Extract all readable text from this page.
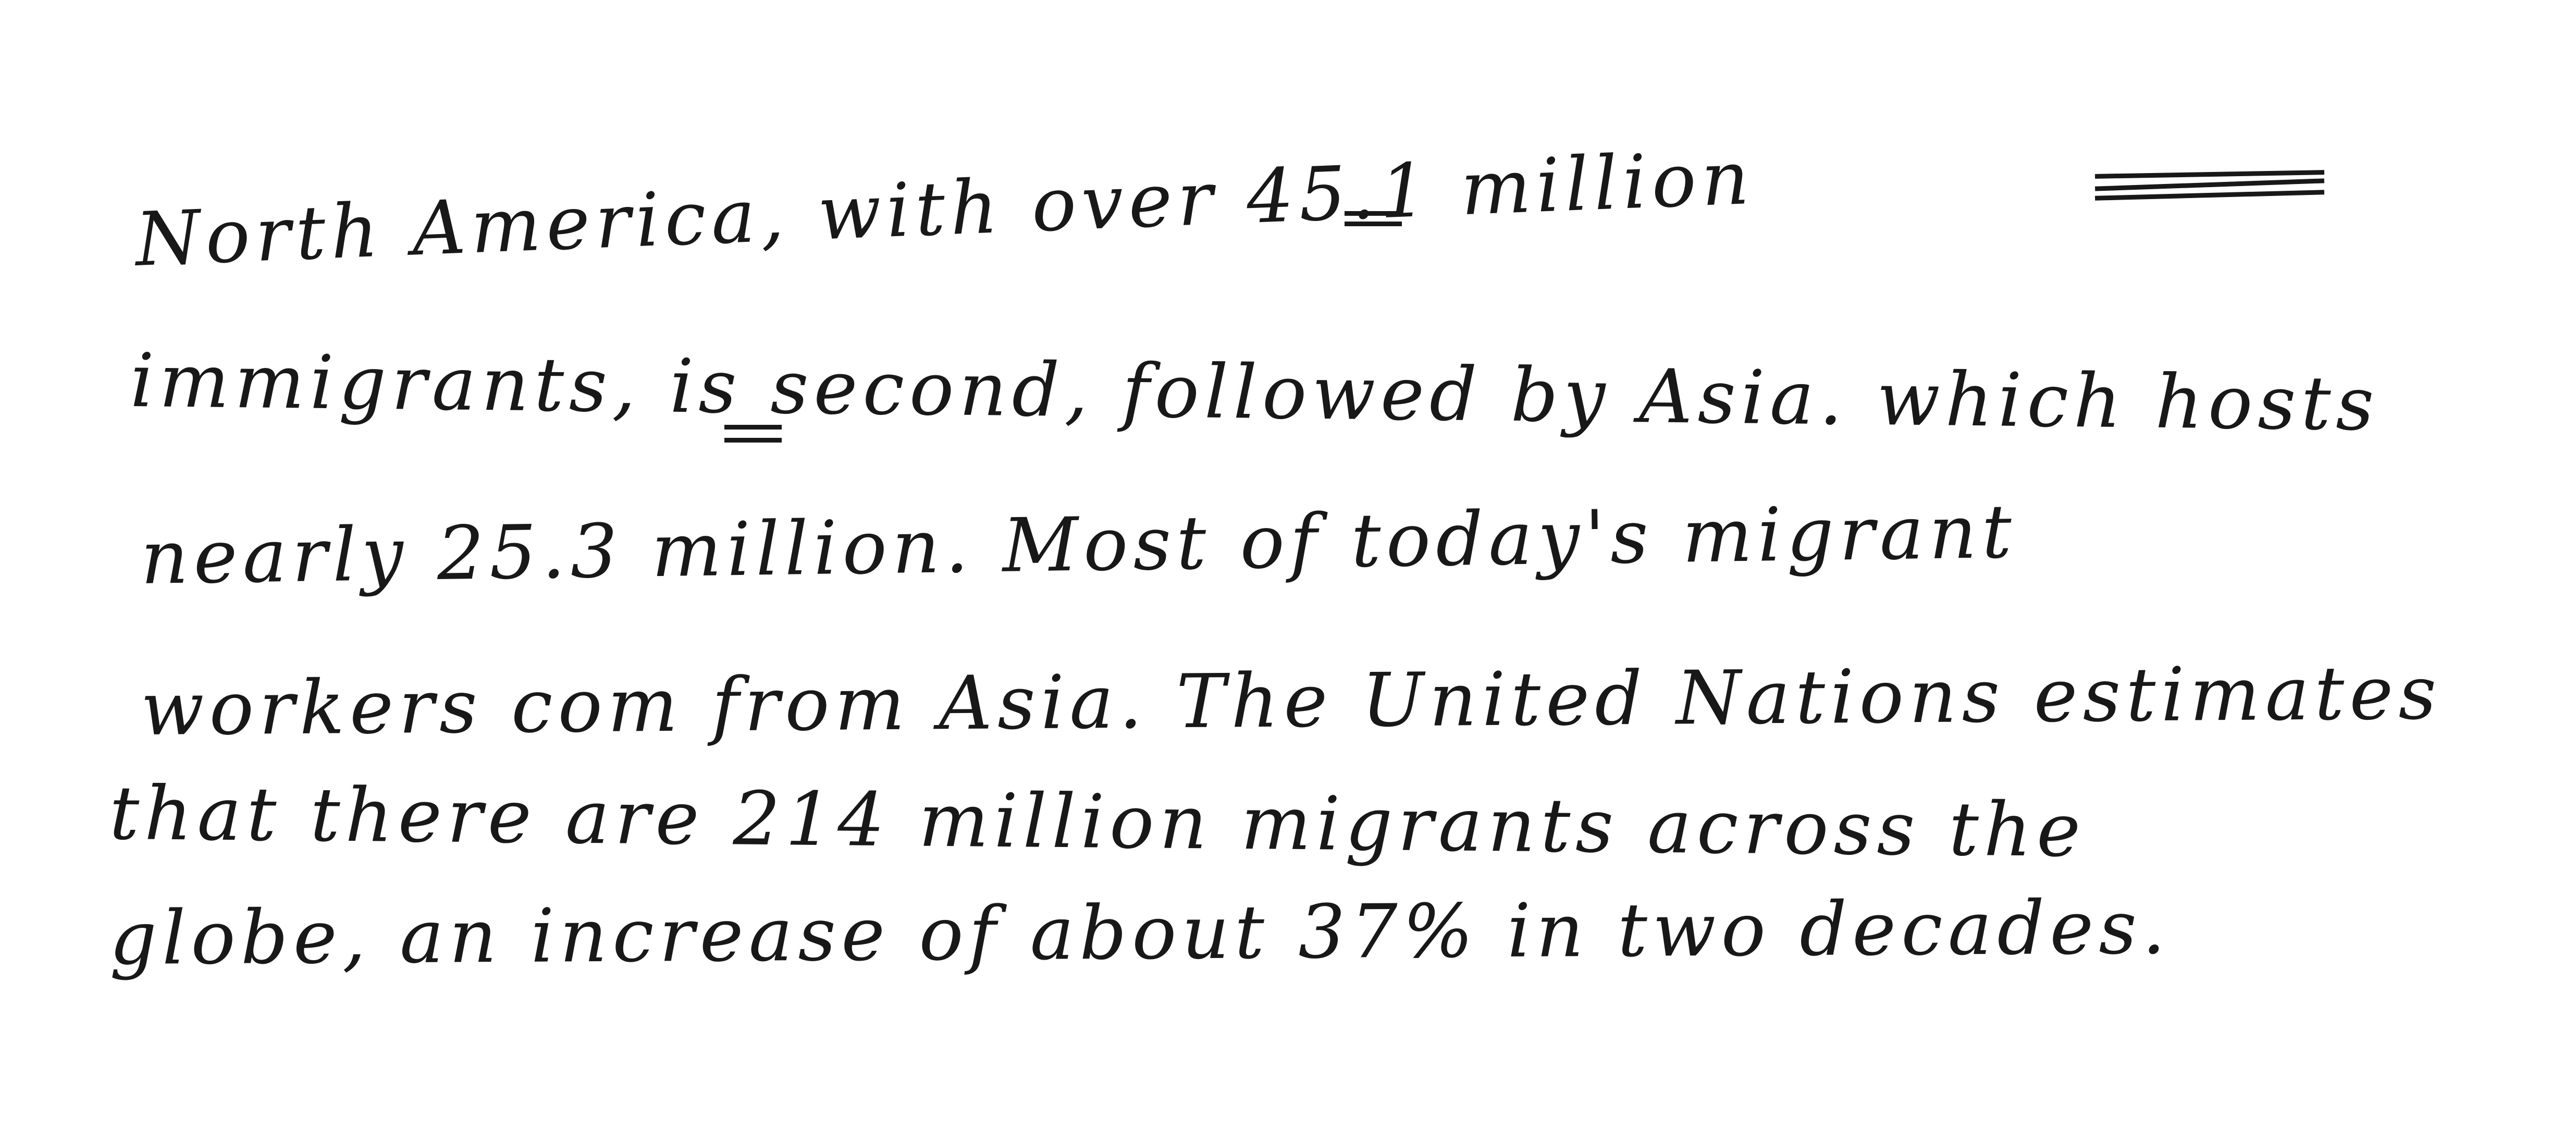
North America, with over 45.1 million
immigrants, is second, followed by Asia. which hosts
nearly 25.3 million. Most of today's migrant
workers com from Asia. The United Nations estimates
that there are 214 million migrants across the
globe, an increase of about 37% in two decades.
